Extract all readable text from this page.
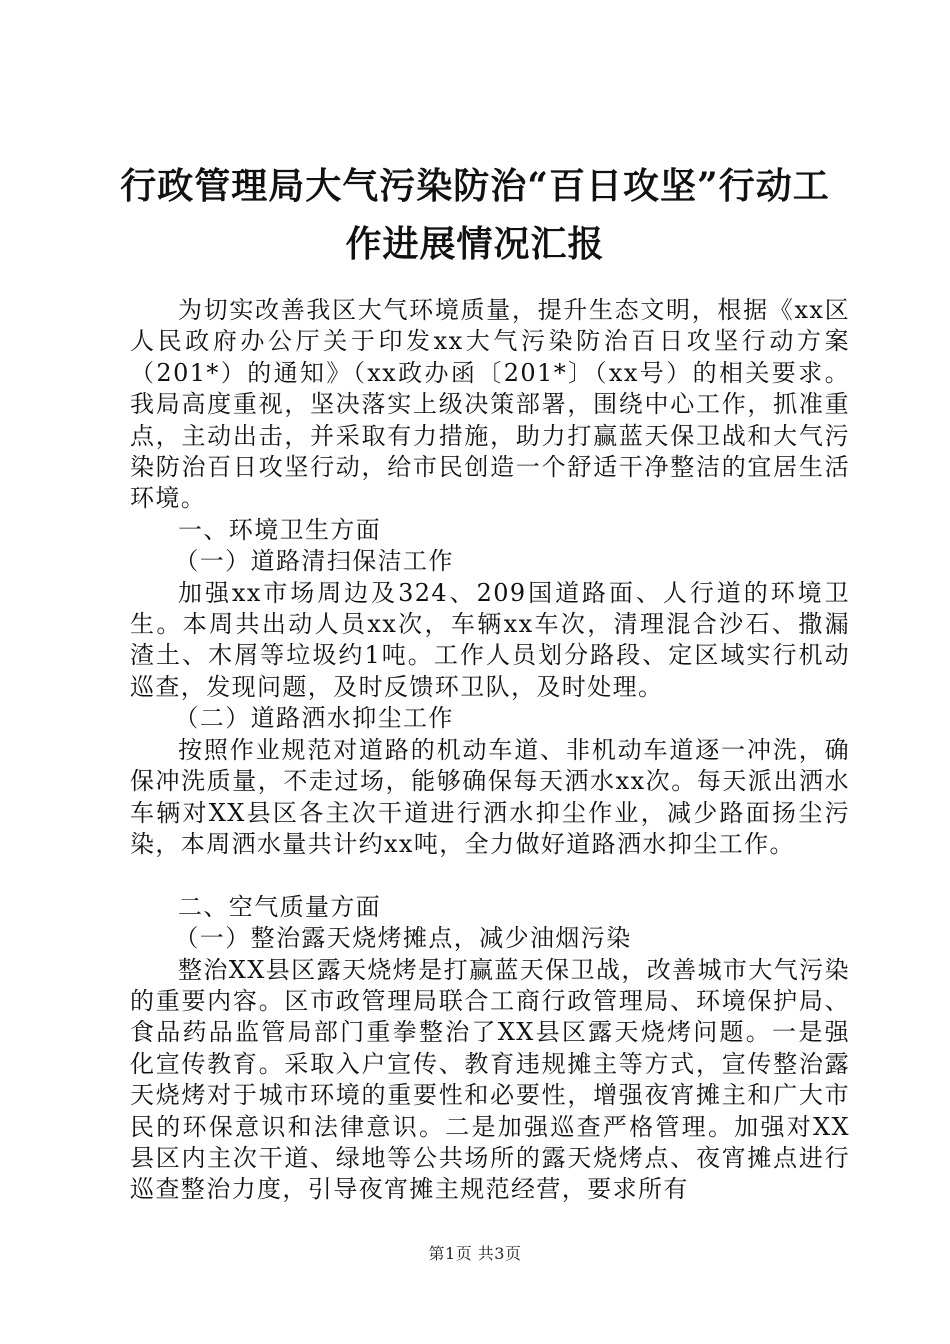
行政管理局大气污染防治“百日攻坚”行动工
作进展情况汇报

为切实改善我区大气环境质量，提升生态文明，根据《xx区人民政府办公厅关于印发xx大气污染防治百日攻坚行动方案（201*）的通知》（xx政办函〔201*〕（xx号）的相关要求。我局高度重视，坚决落实上级决策部署，围绕中心工作，抓准重点，主动出击，并采取有力措施，助力打赢蓝天保卫战和大气污染防治百日攻坚行动，给市民创造一个舒适干净整洁的宜居生活环境。

一、环境卫生方面

（一）道路清扫保洁工作

加强xx市场周边及324、209国道路面、人行道的环境卫生。本周共出动人员xx次，车辆xx车次，清理混合沙石、撒漏渣土、木屑等垃圾约1吨。工作人员划分路段、定区域实行机动巡查，发现问题，及时反馈环卫队，及时处理。

（二）道路洒水抑尘工作

按照作业规范对道路的机动车道、非机动车道逐一冲洗，确保冲洗质量，不走过场，能够确保每天洒水xx次。每天派出洒水车辆对XX县区各主次干道进行洒水抑尘作业，减少路面扬尘污染，本周洒水量共计约xx吨，全力做好道路洒水抑尘工作。

二、空气质量方面

（一）整治露天烧烤摊点，减少油烟污染

整治XX县区露天烧烤是打赢蓝天保卫战，改善城市大气污染的重要内容。区市政管理局联合工商行政管理局、环境保护局、食品药品监管局部门重拳整治了XX县区露天烧烤问题。一是强化宣传教育。采取入户宣传、教育违规摊主等方式，宣传整治露天烧烤对于城市环境的重要性和必要性，增强夜宵摊主和广大市民的环保意识和法律意识。二是加强巡查严格管理。加强对XX县区内主次干道、绿地等公共场所的露天烧烤点、夜宵摊点进行巡查整治力度，引导夜宵摊主规范经营，要求所有

第1页 共3页
